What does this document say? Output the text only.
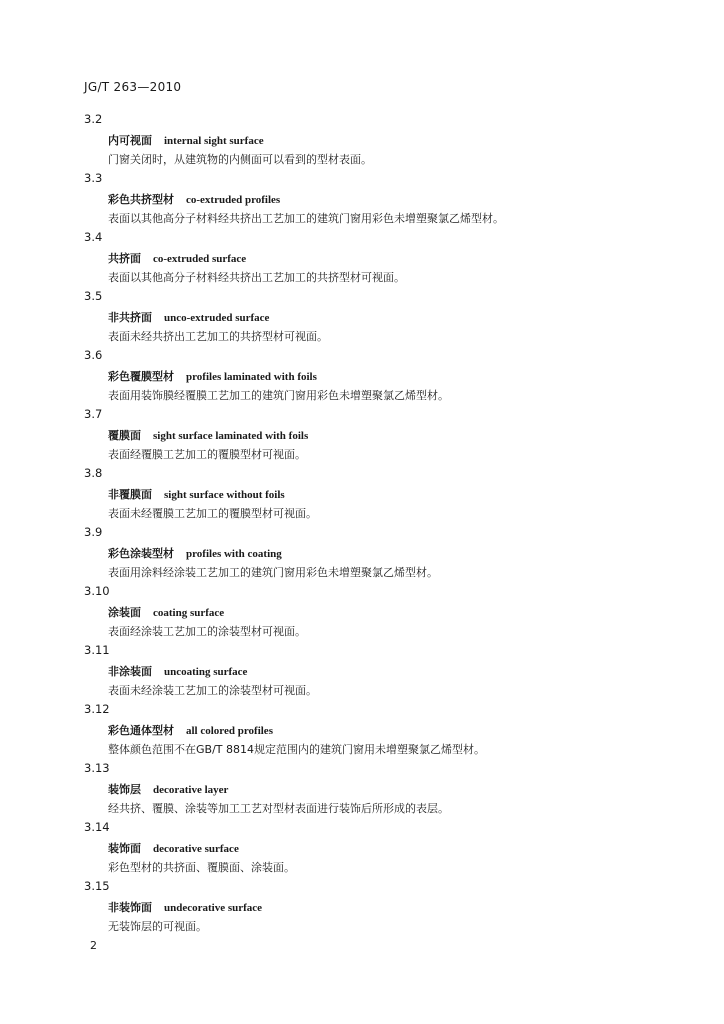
JG/T 263—2010
3.2
内可视面 internal sight surface
门窗关闭时，从建筑物的内侧面可以看到的型材表面。
3.3
彩色共挤型材 co-extruded profiles
表面以其他高分子材料经共挤出工艺加工的建筑门窗用彩色未增塑聚氯乙烯型材。
3.4
共挤面 co-extruded surface
表面以其他高分子材料经共挤出工艺加工的共挤型材可视面。
3.5
非共挤面 unco-extruded surface
表面未经共挤出工艺加工的共挤型材可视面。
3.6
彩色覆膜型材 profiles laminated with foils
表面用装饰膜经覆膜工艺加工的建筑门窗用彩色未增塑聚氯乙烯型材。
3.7
覆膜面 sight surface laminated with foils
表面经覆膜工艺加工的覆膜型材可视面。
3.8
非覆膜面 sight surface without foils
表面未经覆膜工艺加工的覆膜型材可视面。
3.9
彩色涂装型材 profiles with coating
表面用涂料经涂装工艺加工的建筑门窗用彩色未增塑聚氯乙烯型材。
3.10
涂装面 coating surface
表面经涂装工艺加工的涂装型材可视面。
3.11
非涂装面 uncoating surface
表面未经涂装工艺加工的涂装型材可视面。
3.12
彩色通体型材 all colored profiles
整体颜色范围不在GB/T 8814规定范围内的建筑门窗用未增塑聚氯乙烯型材。
3.13
装饰层 decorative layer
经共挤、覆膜、涂装等加工工艺对型材表面进行装饰后所形成的表层。
3.14
装饰面 decorative surface
彩色型材的共挤面、覆膜面、涂装面。
3.15
非装饰面 undecorative surface
无装饰层的可视面。
2
